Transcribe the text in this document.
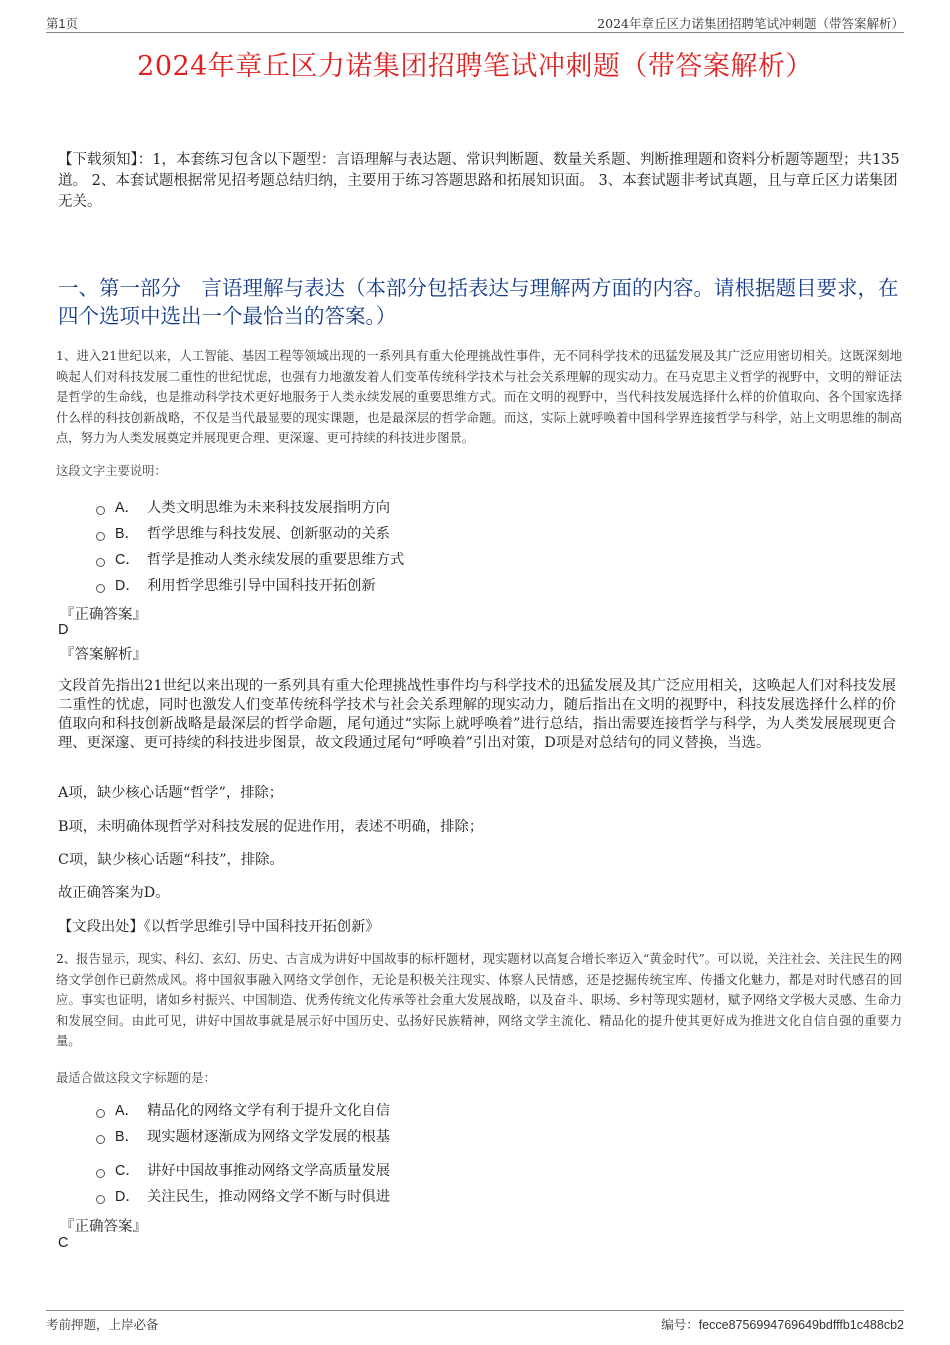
第1页	2024年章丘区力诺集团招聘笔试冲刺题（带答案解析）
2024年章丘区力诺集团招聘笔试冲刺题（带答案解析）
【下载须知】：1，本套练习包含以下题型：言语理解与表达题、常识判断题、数量关系题、判断推理题和资料分析题等题型；共135道。 2、本套试题根据常见招考题总结归纳，主要用于练习答题思路和拓展知识面。 3、本套试题非考试真题，且与章丘区力诺集团无关。
一、第一部分　言语理解与表达（本部分包括表达与理解两方面的内容。请根据题目要求，在四个选项中选出一个最恰当的答案。）
1、进入21世纪以来，人工智能、基因工程等领域出现的一系列具有重大伦理挑战性事件，无不同科学技术的迅猛发展及其广泛应用密切相关。这既深刻地唤起人们对科技发展二重性的世纪忧虑，也强有力地激发着人们变革传统科学技术与社会关系理解的现实动力。在马克思主义哲学的视野中，文明的辩证法是哲学的生命线，也是推动科学技术更好地服务于人类永续发展的重要思维方式。而在文明的视野中，当代科技发展选择什么样的价值取向、各个国家选择什么样的科技创新战略，不仅是当代最显要的现实课题，也是最深层的哲学命题。而这，实际上就呼唤着中国科学界连接哲学与科学，站上文明思维的制高点，努力为人类发展奠定并展现更合理、更深邃、更可持续的科技进步图景。
这段文字主要说明：
A． 人类文明思维为未来科技发展指明方向
B． 哲学思维与科技发展、创新驱动的关系
C． 哲学是推动人类永续发展的重要思维方式
D． 利用哲学思维引导中国科技开拓创新
『正确答案』
D
『答案解析』
文段首先指出21世纪以来出现的一系列具有重大伦理挑战性事件均与科学技术的迅猛发展及其广泛应用相关，这唤起人们对科技发展二重性的忧虑，同时也激发人们变革传统科学技术与社会关系理解的现实动力，随后指出在文明的视野中，科技发展选择什么样的价值取向和科技创新战略是最深层的哲学命题，尾句通过“实际上就呼唤着”进行总结，指出需要连接哲学与科学，为人类发展展现更合理、更深邃、更可持续的科技进步图景，故文段通过尾句“呼唤着”引出对策，D项是对总结句的同义替换，当选。
A项，缺少核心话题“哲学”，排除；
B项，未明确体现哲学对科技发展的促进作用，表述不明确，排除；
C项，缺少核心话题“科技”，排除。
故正确答案为D。
【文段出处】《以哲学思维引导中国科技开拓创新》
2、报告显示，现实、科幻、玄幻、历史、古言成为讲好中国故事的标杆题材，现实题材以高复合增长率迈入“黄金时代”。可以说，关注社会、关注民生的网络文学创作已蔚然成风。将中国叙事融入网络文学创作，无论是积极关注现实、体察人民情感，还是挖掘传统宝库、传播文化魅力，都是对时代感召的回应。事实也证明，诸如乡村振兴、中国制造、优秀传统文化传承等社会重大发展战略，以及奋斗、职场、乡村等现实题材，赋予网络文学极大灵感、生命力和发展空间。由此可见，讲好中国故事就是展示好中国历史、弘扬好民族精神，网络文学主流化、精品化的提升使其更好成为推进文化自信自强的重要力量。
最适合做这段文字标题的是：
A． 精品化的网络文学有利于提升文化自信
B． 现实题材逐渐成为网络文学发展的根基
C． 讲好中国故事推动网络文学高质量发展
D． 关注民生，推动网络文学不断与时俱进
『正确答案』
C
考前押题，上岸必备	编号：fecce8756994769649bdfffb1c488cb2
